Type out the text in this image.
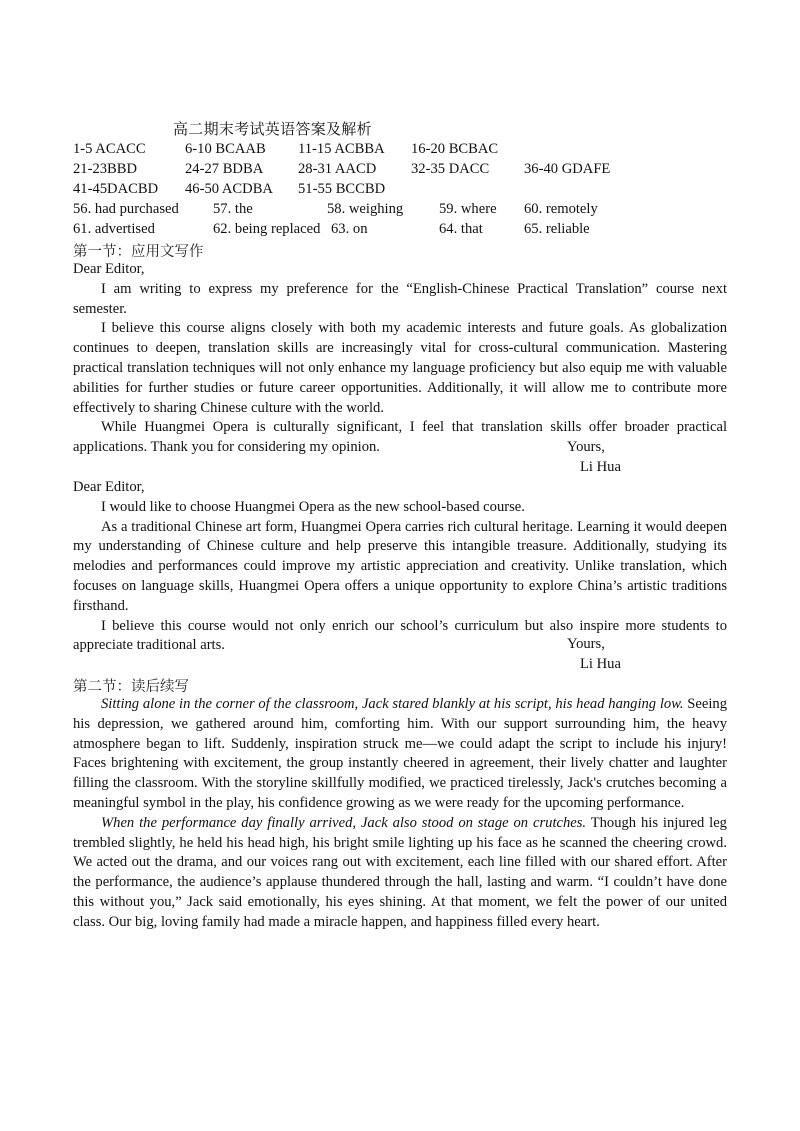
高二期末考试英语答案及解析
1-5 ACACC	6-10 BCAAB 11-15 ACBBA 16-20 BCBAC
21-23BBD	24-27 BDBA 28-31 AACD 32-35 DACC 36-40 GDAFE
41-45DACBD 46-50 ACDBA 51-55 BCCBD
56. had purchased 57. the	58. weighing 59. where 60. remotely
61. advertised	62. being replaced 63. on	64. that	65. reliable
第一节：应用文写作

Dear Editor,

I am writing to express my preference for the “English-Chinese Practical Translation” course next semester.

I believe this course aligns closely with both my academic interests and future goals. As globalization continues to deepen, translation skills are increasingly vital for cross-cultural communication. Mastering practical translation techniques will not only enhance my language proficiency but also equip me with valuable abilities for further studies or future career opportunities. Additionally, it will allow me to contribute more effectively to sharing Chinese culture with the world.

While Huangmei Opera is culturally significant, I feel that translation skills offer broader practical applications. Thank you for considering my opinion.	Yours,
Li Hua

Dear Editor,

I would like to choose Huangmei Opera as the new school-based course.

As a traditional Chinese art form, Huangmei Opera carries rich cultural heritage. Learning it would deepen my understanding of Chinese culture and help preserve this intangible treasure. Additionally, studying its melodies and performances could improve my artistic appreciation and creativity. Unlike translation, which focuses on language skills, Huangmei Opera offers a unique opportunity to explore China’s artistic traditions firsthand.

I believe this course would not only enrich our school’s curriculum but also inspire more students to appreciate traditional arts.	Yours,
Li Hua
第二节：读后续写

Sitting alone in the corner of the classroom, Jack stared blankly at his script, his head hanging low. Seeing his depression, we gathered around him, comforting him. With our support surrounding him, the heavy atmosphere began to lift. Suddenly, inspiration struck me—we could adapt the script to include his injury! Faces brightening with excitement, the group instantly cheered in agreement, their lively chatter and laughter filling the classroom. With the storyline skillfully modified, we practiced tirelessly, Jack's crutches becoming a meaningful symbol in the play, his confidence growing as we were ready for the upcoming performance.

When the performance day finally arrived, Jack also stood on stage on crutches. Though his injured leg trembled slightly, he held his head high, his bright smile lighting up his face as he scanned the cheering crowd. We acted out the drama, and our voices rang out with excitement, each line filled with our shared effort. After the performance, the audience’s applause thundered through the hall, lasting and warm. “I couldn’t have done this without you,” Jack said emotionally, his eyes shining. At that moment, we felt the power of our united class. Our big, loving family had made a miracle happen, and happiness filled every heart.
